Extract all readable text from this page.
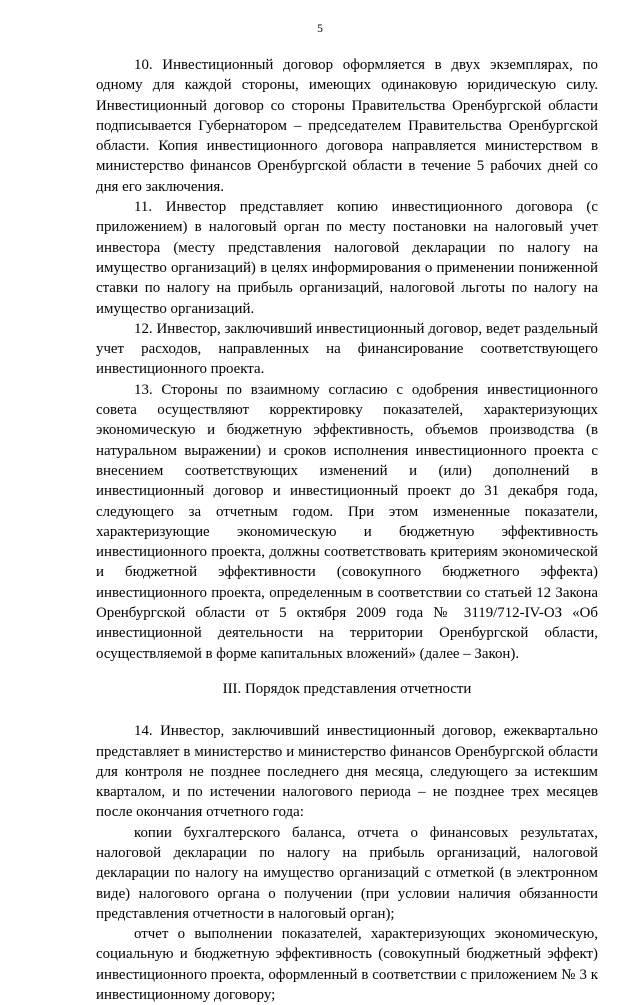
5

10. Инвестиционный договор оформляется в двух экземплярах, по одному для каждой стороны, имеющих одинаковую юридическую силу. Инвестиционный договор со стороны Правительства Оренбургской области подписывается Губернатором – председателем Правительства Оренбургской области. Копия инвестиционного договора направляется министерством в министерство финансов Оренбургской области в течение 5 рабочих дней со дня его заключения.

11. Инвестор представляет копию инвестиционного договора (с приложением) в налоговый орган по месту постановки на налоговый учет инвестора (месту представления налоговой декларации по налогу на имущество организаций) в целях информирования о применении пониженной ставки по налогу на прибыль организаций, налоговой льготы по налогу на имущество организаций.

12. Инвестор, заключивший инвестиционный договор, ведет раздельный учет расходов, направленных на финансирование соответствующего инвестиционного проекта.

13. Стороны по взаимному согласию с одобрения инвестиционного совета осуществляют корректировку показателей, характеризующих экономическую и бюджетную эффективность, объемов производства (в натуральном выражении) и сроков исполнения инвестиционного проекта с внесением соответствующих изменений и (или) дополнений в инвестиционный договор и инвестиционный проект до 31 декабря года, следующего за отчетным годом. При этом измененные показатели, характеризующие экономическую и бюджетную эффективность инвестиционного проекта, должны соответствовать критериям экономической и бюджетной эффективности (совокупного бюджетного эффекта) инвестиционного проекта, определенным в соответствии со статьей 12 Закона Оренбургской области от 5 октября 2009 года № 3119/712-IV-ОЗ «Об инвестиционной деятельности на территории Оренбургской области, осуществляемой в форме капитальных вложений» (далее – Закон).

III. Порядок представления отчетности

14. Инвестор, заключивший инвестиционный договор, ежеквартально представляет в министерство и министерство финансов Оренбургской области для контроля не позднее последнего дня месяца, следующего за истекшим кварталом, и по истечении налогового периода – не позднее трех месяцев после окончания отчетного года:

копии бухгалтерского баланса, отчета о финансовых результатах, налоговой декларации по налогу на прибыль организаций, налоговой декларации по налогу на имущество организаций с отметкой (в электронном виде) налогового органа о получении (при условии наличия обязанности представления отчетности в налоговый орган);

отчет о выполнении показателей, характеризующих экономическую, социальную и бюджетную эффективность (совокупный бюджетный эффект) инвестиционного проекта, оформленный в соответствии с приложением № 3 к инвестиционному договору;
